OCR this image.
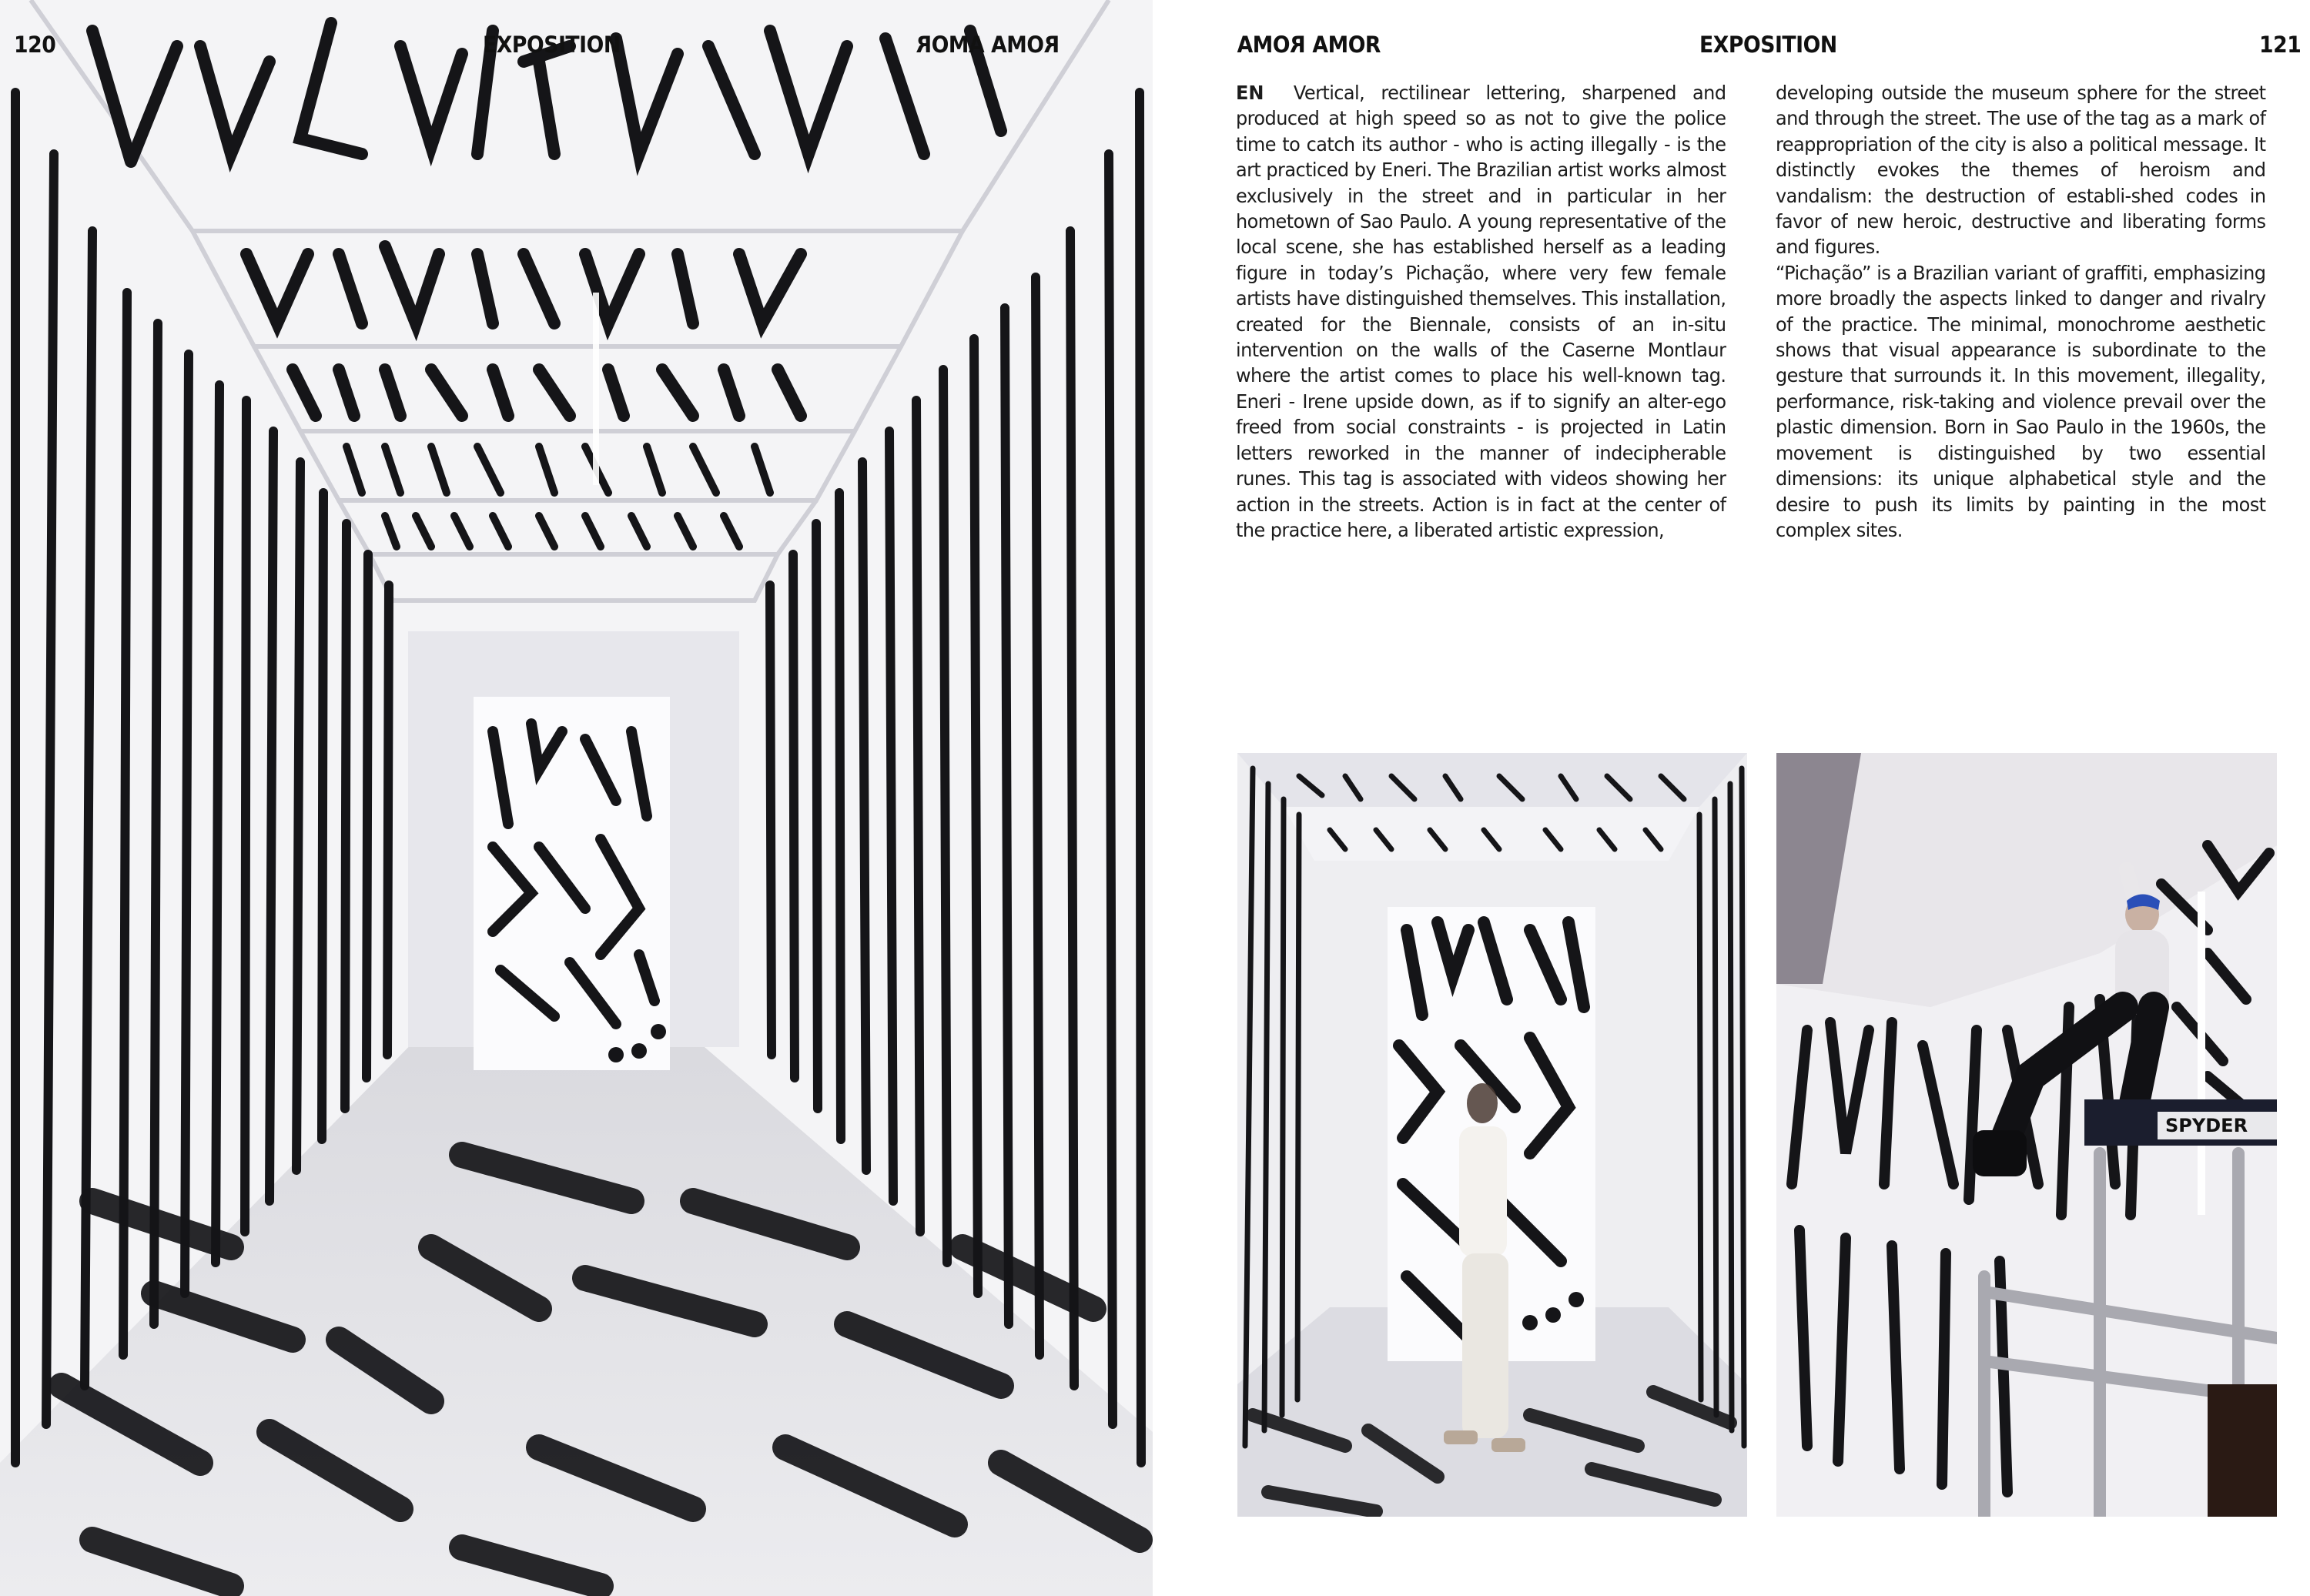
120	EXPOSITION	AMOR ROMA	ROMA AMOR	EXPOSITION	121

EN Vertical, rectilinear lettering, sharpened and produced at high speed so as not to give the police time to catch its author - who is acting illegally - is the art practiced by Eneri. The Brazilian artist works almost exclusively in the street and in particular in her hometown of Sao Paulo. A young representative of the local scene, she has established herself as a leading figure in today’s Pichação, where very few female artists have distinguished themselves. This installation, created for the Biennale, consists of an in-situ intervention on the walls of the Caserne Montlaur where the artist comes to place his well-known tag. Eneri - Irene upside down, as if to signify an alter-ego freed from social constraints - is projected in Latin letters reworked in the manner of indecipherable runes. This tag is associated with videos showing her action in the streets. Action is in fact at the center of the practice here, a liberated artistic expression,

developing outside the museum sphere for the street and through the street. The use of the tag as a mark of reappropriation of the city is also a political message. It distinctly evokes the themes of heroism and vandalism: the destruction of establi-shed codes in favor of new heroic, destructive and liberating forms and figures.

“Pichação” is a Brazilian variant of graffiti, emphasizing more broadly the aspects linked to danger and rivalry of the practice. The minimal, monochrome aesthetic shows that visual appearance is subordinate to the gesture that surrounds it. In this movement, illegality, performance, risk-taking and violence prevail over the plastic dimension. Born in Sao Paulo in the 1960s, the movement is distinguished by two essential dimensions: its unique alphabetical style and the desire to push its limits by painting in the most complex sites.

SPYDER
